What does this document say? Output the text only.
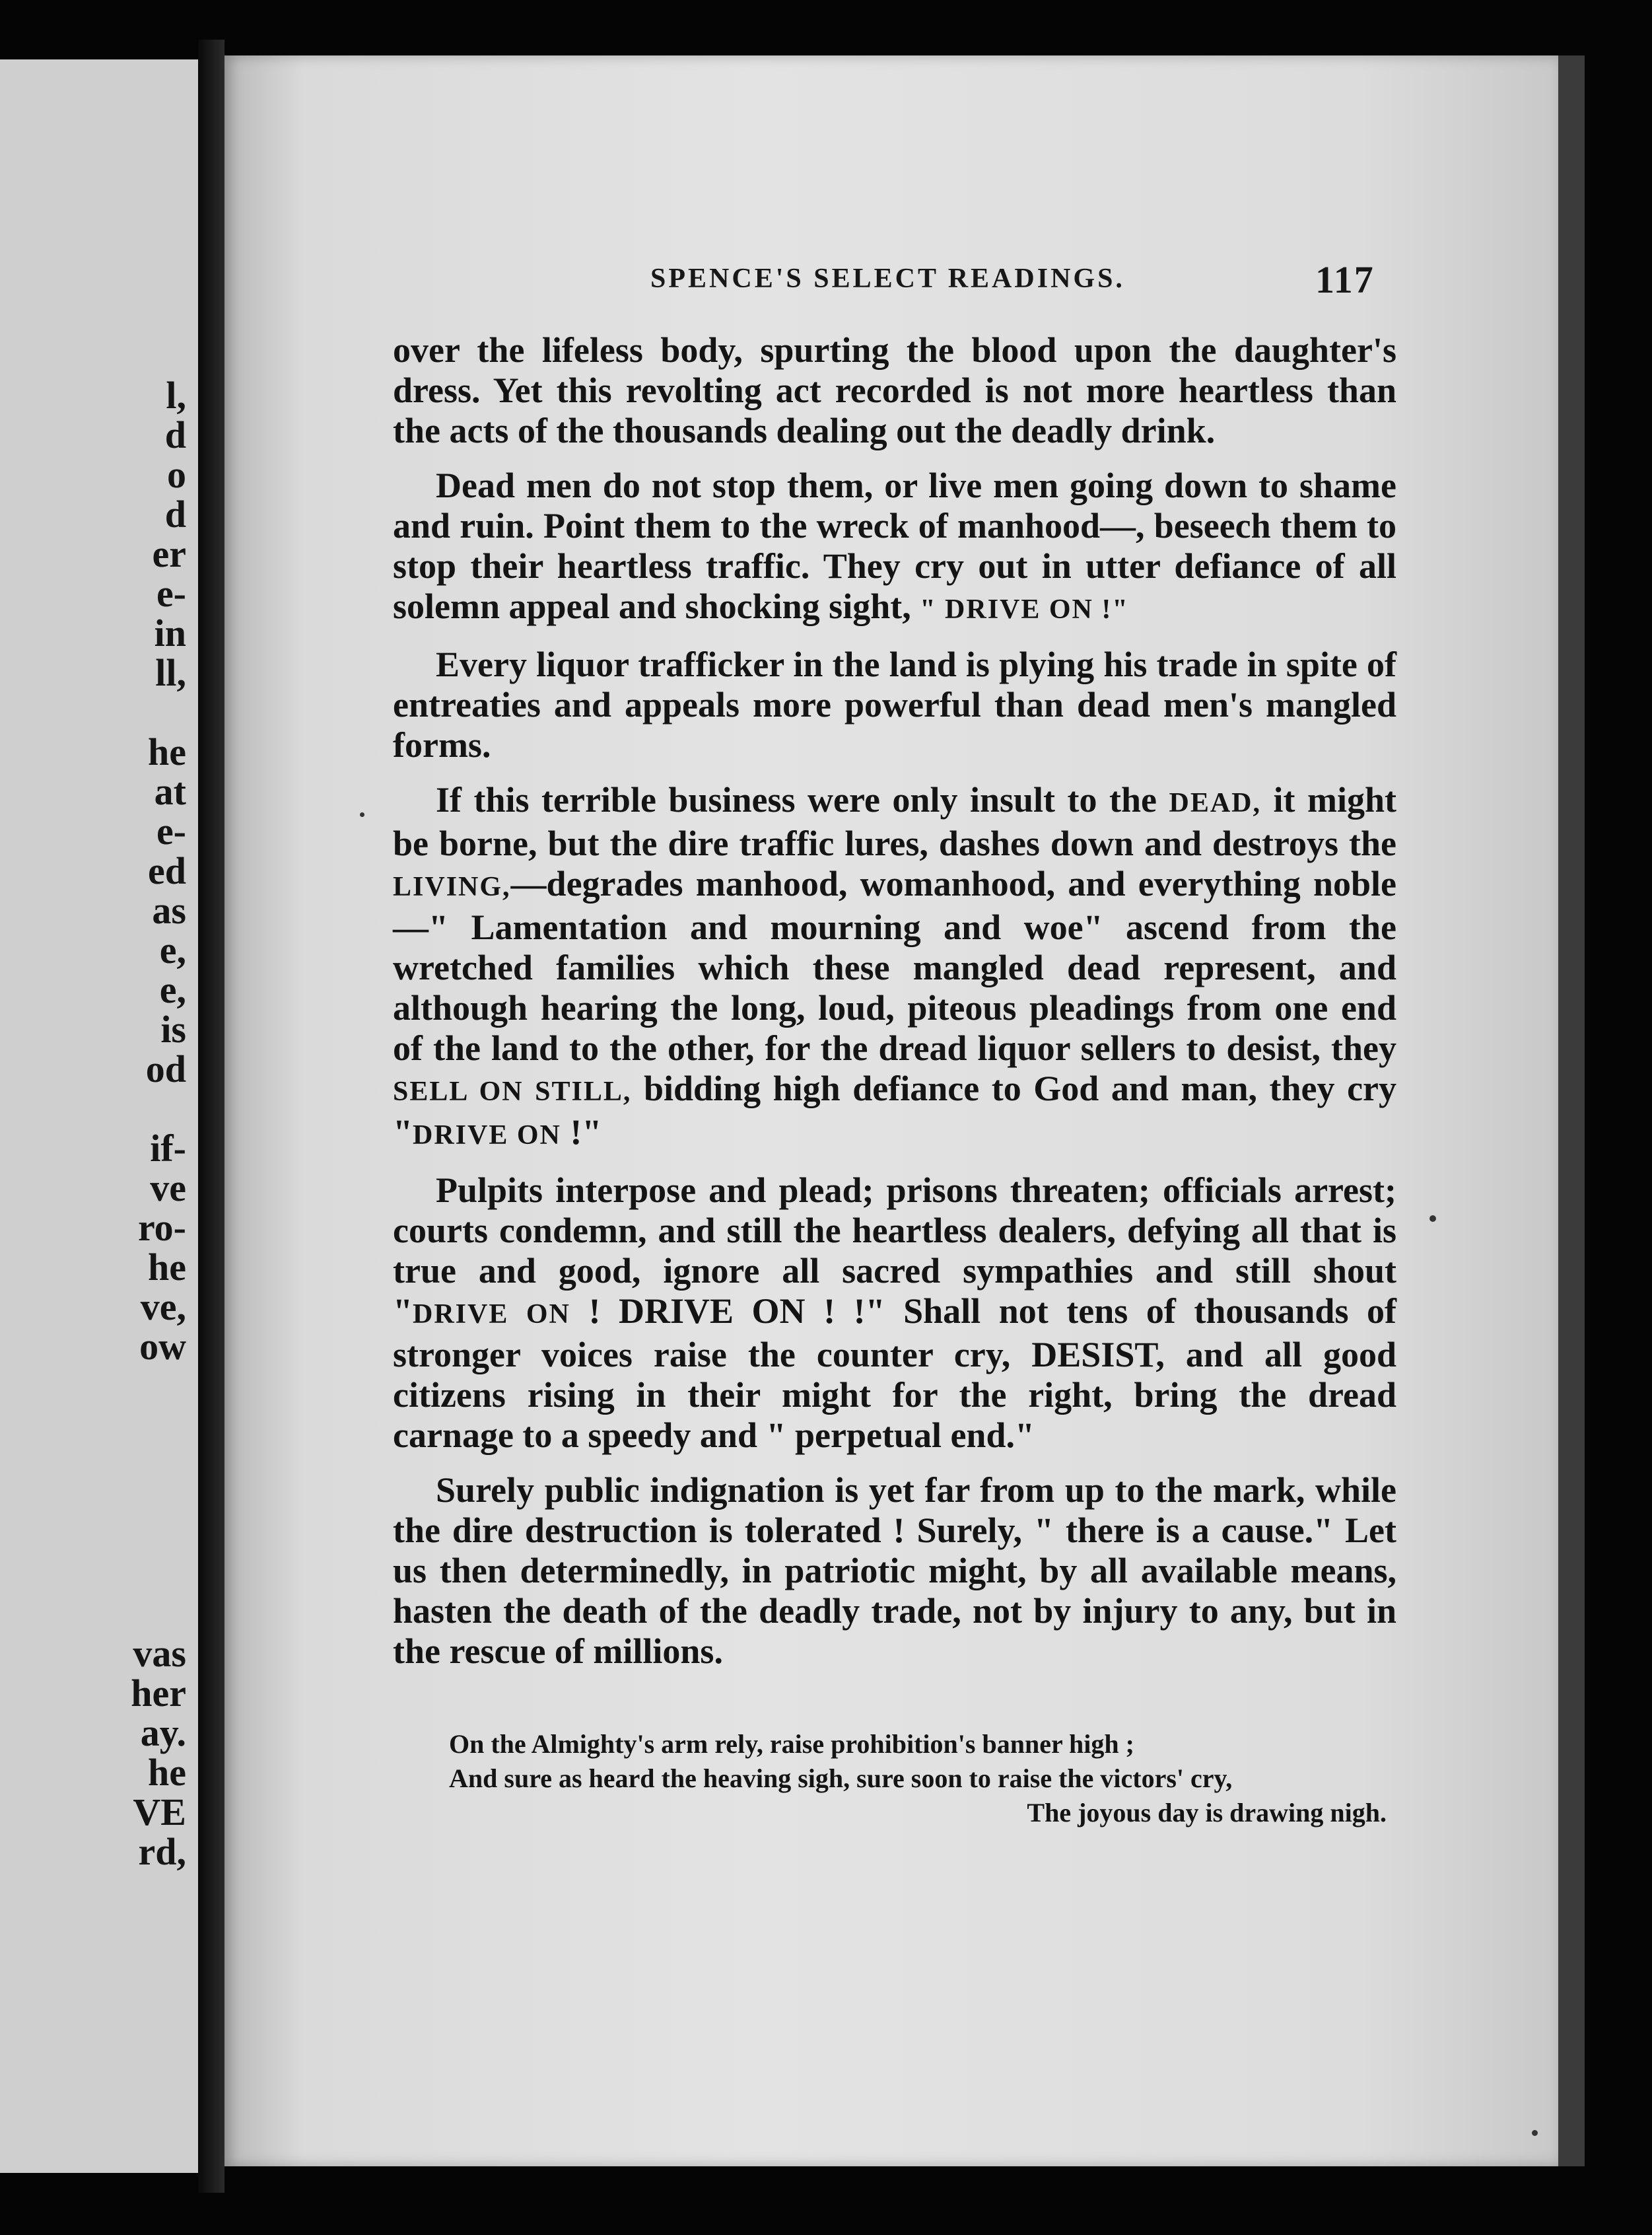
l,
d
o
d
er
e-
in
ll,
he
at
e-
ed
as
e,
e,
is
od
if-
ve
ro-
he
ve,
ow
vas
her
ay.
he
VE
rd,
SPENCE'S SELECT READINGS.	117

over the lifeless body, spurting the blood upon the daughter's dress. Yet this revolting act recorded is not more heartless than the acts of the thousands dealing out the deadly drink.

Dead men do not stop them, or live men going down to shame and ruin. Point them to the wreck of manhood—, beseech them to stop their heartless traffic. They cry out in utter defiance of all solemn appeal and shocking sight, " DRIVE ON !"

Every liquor trafficker in the land is plying his trade in spite of entreaties and appeals more powerful than dead men's mangled forms.

If this terrible business were only insult to the DEAD, it might be borne, but the dire traffic lures, dashes down and destroys the LIVING,—degrades manhood, womanhood, and everything noble—" Lamentation and mourning and woe" ascend from the wretched families which these mangled dead represent, and although hearing the long, loud, piteous pleadings from one end of the land to the other, for the dread liquor sellers to desist, they SELL ON STILL, bidding high defiance to God and man, they cry "DRIVE ON !"

Pulpits interpose and plead; prisons threaten; officials arrest; courts condemn, and still the heartless dealers, defying all that is true and good, ignore all sacred sympathies and still shout "DRIVE ON ! DRIVE ON ! !" Shall not tens of thousands of stronger voices raise the counter cry, DESIST, and all good citizens rising in their might for the right, bring the dread carnage to a speedy and " perpetual end."

Surely public indignation is yet far from up to the mark, while the dire destruction is tolerated ! Surely, " there is a cause." Let us then determinedly, in patriotic might, by all available means, hasten the death of the deadly trade, not by injury to any, but in the rescue of millions.

On the Almighty's arm rely, raise prohibition's banner high ;
And sure as heard the heaving sigh, sure soon to raise the victors' cry,
The joyous day is drawing nigh.
